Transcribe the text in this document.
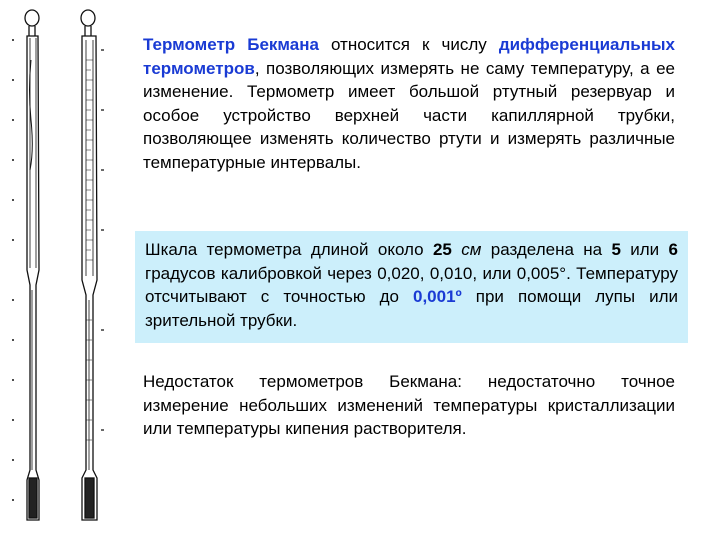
Термометр Бекмана относится к числу дифференциальных термометров, позволяющих измерять не саму температуру, а ее изменение. Термометр имеет большой ртутный резервуар и особое устройство верхней части капиллярной трубки, позволяющее изменять количество ртути и измерять различные температурные интервалы.

Шкала термометра длиной около 25 см разделена на 5 или 6 градусов калибровкой через 0,020, 0,010, или 0,005°. Температуру отсчитывают с точностью до 0,001º при помощи лупы или зрительной трубки.

Недостаток термометров Бекмана: недостаточно точное измерение небольших изменений температуры кристаллизации или температуры кипения растворителя.
